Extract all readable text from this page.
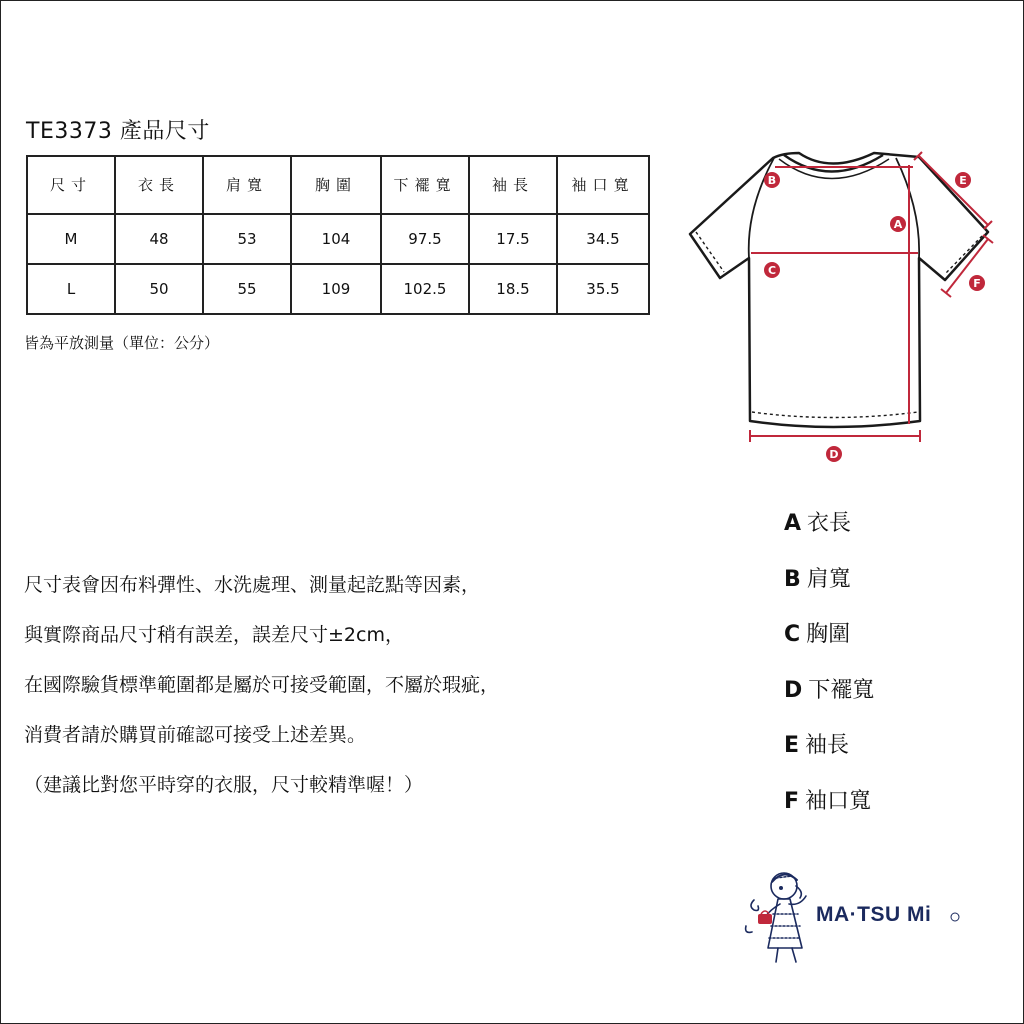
TE3373 產品尺寸
尺寸	衣長	肩寬	胸圍	下襬寬	袖長	袖口寬
M	48	53	104	97.5	17.5	34.5
L	50	55	109	102.5	18.5	35.5
皆為平放測量（單位：公分）
尺寸表會因布料彈性、水洗處理、測量起訖點等因素，
與實際商品尺寸稍有誤差，誤差尺寸±2cm，
在國際驗貨標準範圍都是屬於可接受範圍，不屬於瑕疵，
消費者請於購買前確認可接受上述差異。
（建議比對您平時穿的衣服，尺寸較精準喔！）
B
A
C
D
E
F
A 衣長
B 肩寬
C 胸圍
D 下襬寬
E 袖長
F 袖口寬
MA·TSU Mi
